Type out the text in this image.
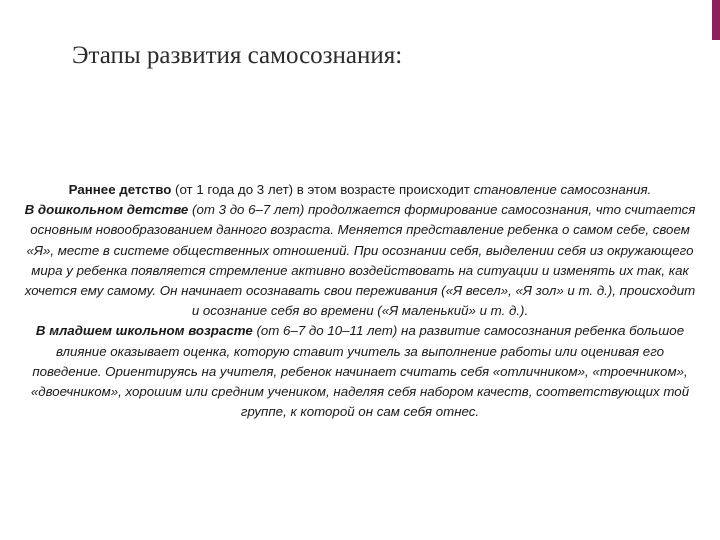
Этапы развития самосознания:

Раннее детство (от 1 года до 3 лет) в этом возрасте происходит становление самосознания.

В дошкольном детстве (от 3 до 6–7 лет) продолжается формирование самосознания, что считается основным новообразованием данного возраста. Меняется представление ребенка о самом себе, своем «Я», месте в системе общественных отношений. При осознании себя, выделении себя из окружающего мира у ребенка появляется стремление активно воздействовать на ситуации и изменять их так, как хочется ему самому. Он начинает осознавать свои переживания («Я весел», «Я зол» и т. д.), происходит и осознание себя во времени («Я маленький» и т. д.).

В младшем школьном возрасте (от 6–7 до 10–11 лет) на развитие самосознания ребенка большое влияние оказывает оценка, которую ставит учитель за выполнение работы или оценивая его поведение. Ориентируясь на учителя, ребенок начинает считать себя «отличником», «троечником», «двоечником», хорошим или средним учеником, наделяя себя набором качеств, соответствующих той группе, к которой он сам себя отнес.
